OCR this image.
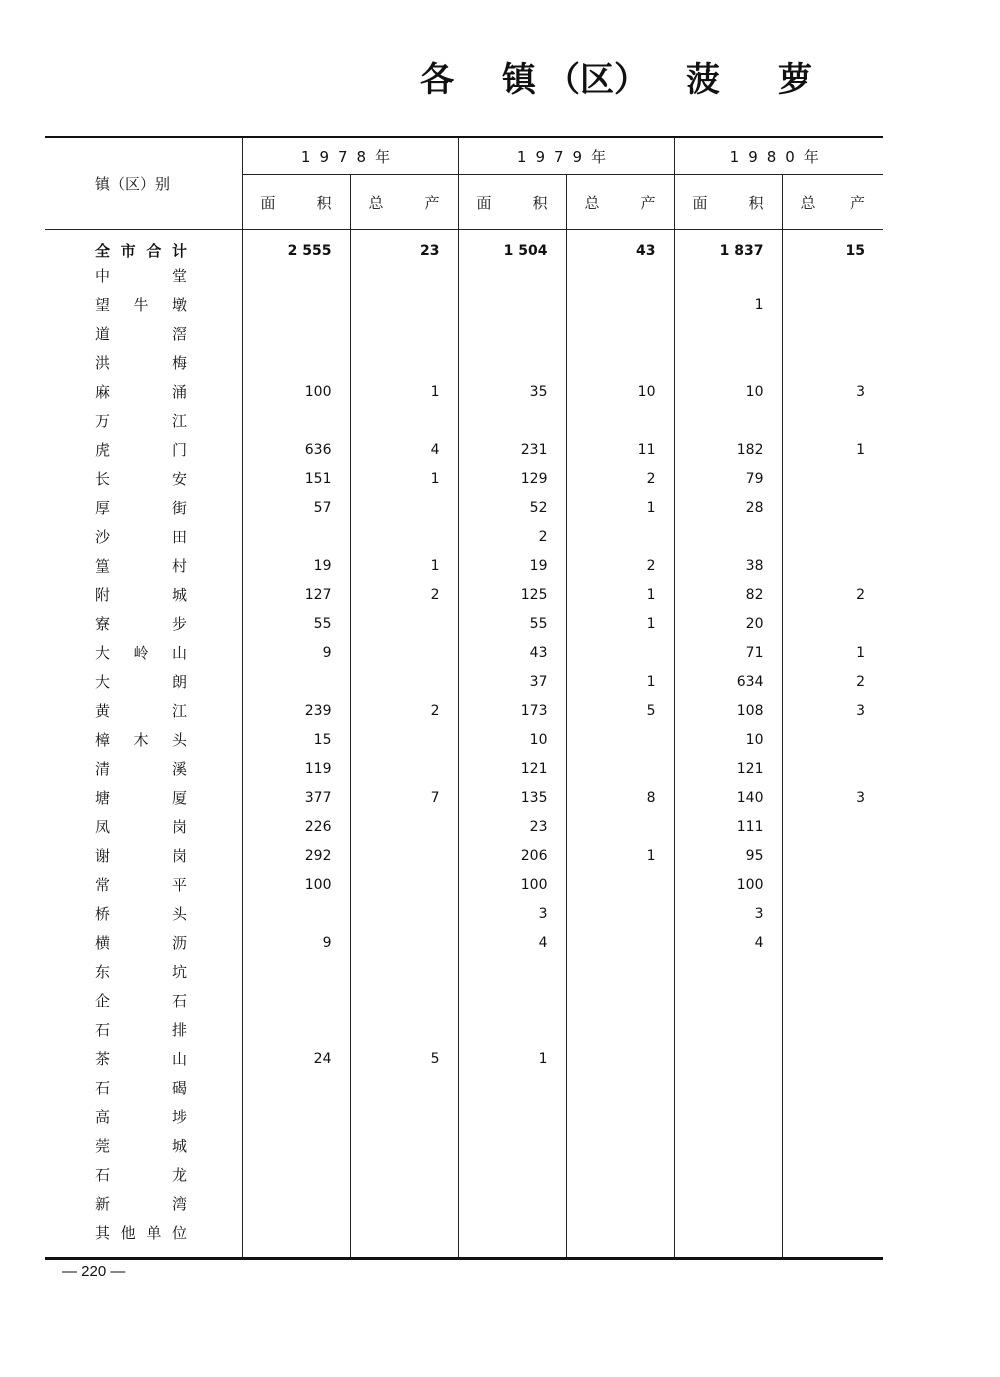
各 镇 （区） 菠 萝
镇（区）别	1978年		1979年		1980年	

	面 积	总 产	面 积	总 产	面 积	总 产

全 市 合 计	2 555	23	1 504	43	1 837	15

中 堂						

望 牛 墩					1	

道 滘						

洪 梅						

麻 涌	100	1	35	10	10	3

万 江						

虎 门	636	4	231	11	182	1

长 安	151	1	129	2	79	

厚 街	57		52	1	28	

沙 田			2			

篁 村	19	1	19	2	38	

附 城	127	2	125	1	82	2

寮 步	55		55	1	20	

大 岭 山	9		43		71	1

大 朗			37	1	634	2

黄 江	239	2	173	5	108	3

樟 木 头	15		10		10	

清 溪	119		121		121	

塘 厦	377	7	135	8	140	3

凤 岗	226		23		111	

谢 岗	292		206	1	95	

常 平	100		100		100	

桥 头			3		3	

横 沥	9		4		4	

东 坑						

企 石						

石 排						

茶 山	24	5	1			

石 碣						

高 埗						

莞 城						

石 龙						

新 湾						

其 他 单 位						

— 220 —
